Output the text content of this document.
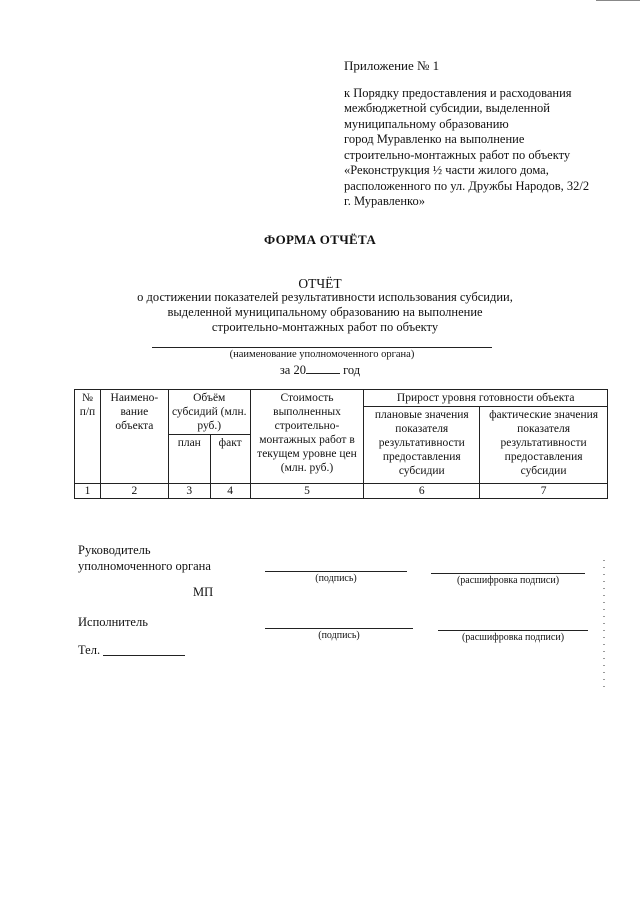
Приложение № 1
к Порядку предоставления и расходования
межбюджетной субсидии, выделенной
муниципальному образованию
город Муравленко на выполнение
строительно-монтажных работ по объекту
«Реконструкция ½ части жилого дома,
расположенного по ул. Дружбы Народов, 32/2
г. Муравленко»
ФОРМА ОТЧЁТА
ОТЧЁТ
о достижении показателей результативности использования субсидии,
выделенной муниципальному образованию на выполнение
строительно-монтажных работ по объекту
(наименование уполномоченного органа)
за 20	год
№ п/п	Наимено-вание объекта	Объём субсидий (млн. руб.)		Стоимость выполненных строительно-монтажных работ в текущем уровне цен (млн. руб.)	Прирост уровня готовности объекта	
					плановые значения показателя результативности предоставления субсидии	фактические значения показателя результативности предоставления субсидии
		план	факт			
1	2	3	4	5	6	7
Руководитель
уполномоченного органа
(подпись)	(расшифровка подписи)
МП
Исполнитель
(подпись)	(расшифровка подписи)
Тел.
